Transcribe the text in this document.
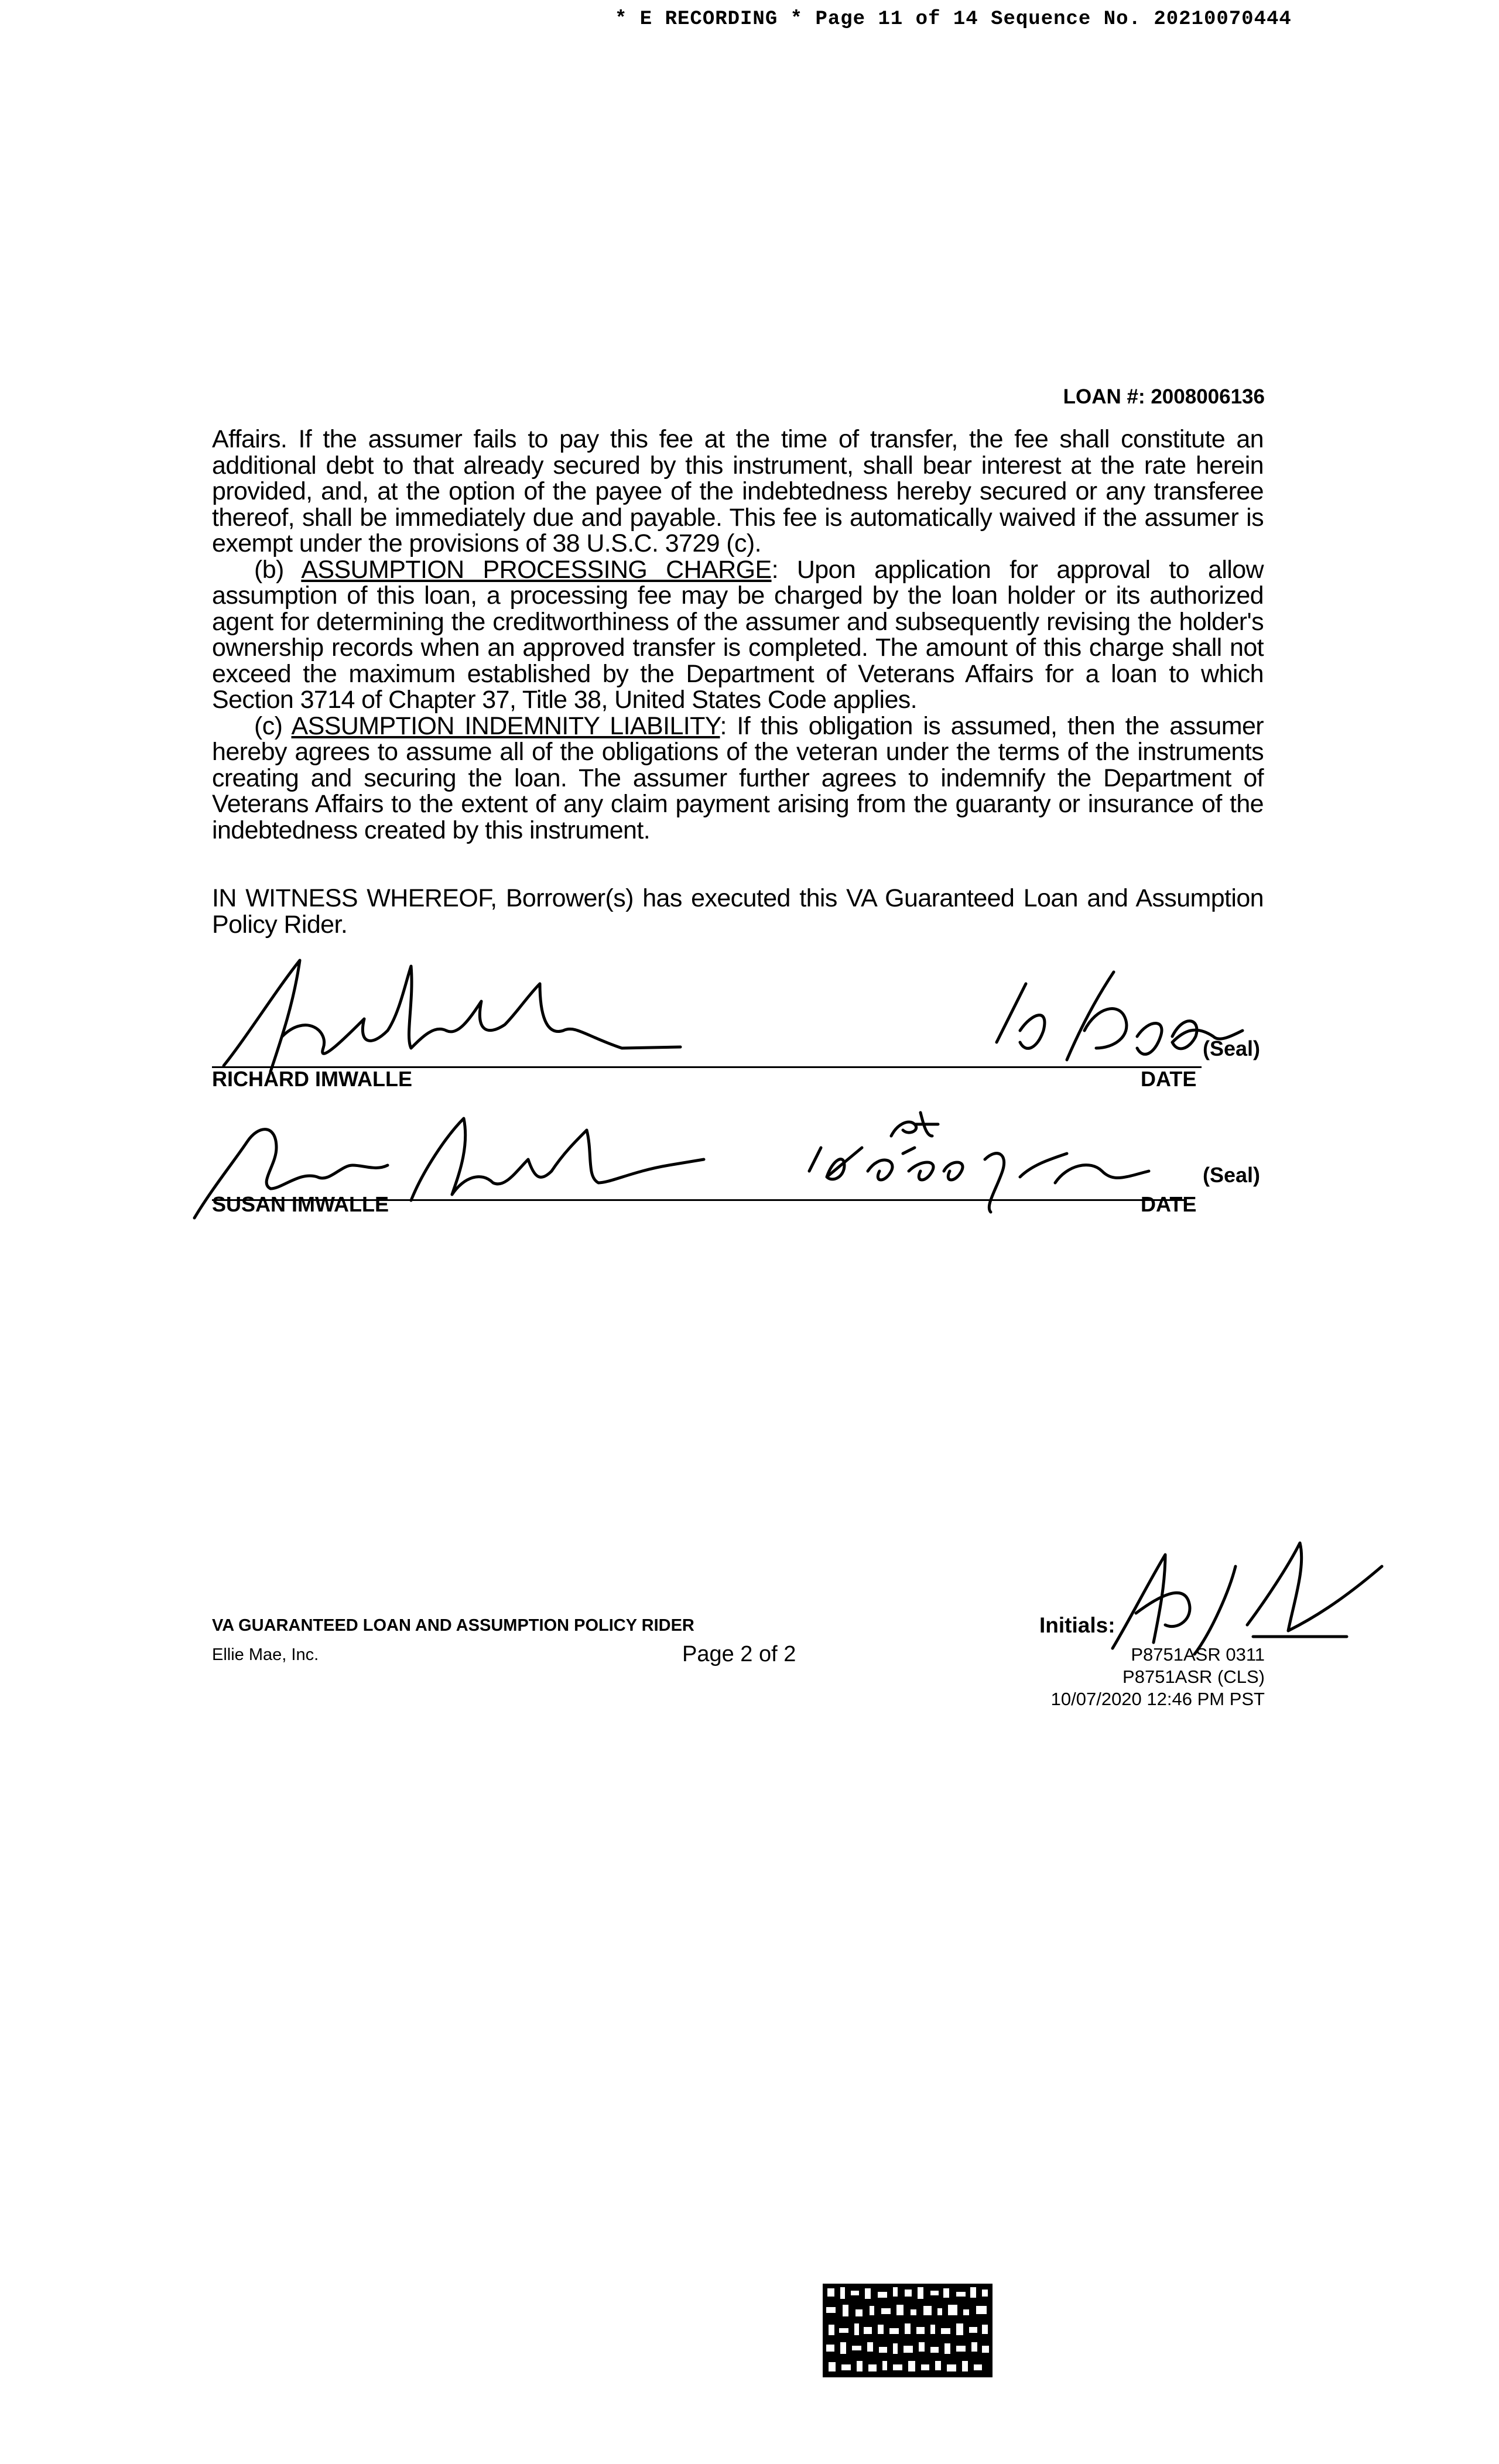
* E RECORDING * Page 11 of 14 Sequence No. 20210070444
LOAN #: 2008006136

Affairs. If the assumer fails to pay this fee at the time of transfer, the fee shall constitute an additional debt to that already secured by this instrument, shall bear interest at the rate herein provided, and, at the option of the payee of the indebtedness hereby secured or any transferee thereof, shall be immediately due and payable. This fee is automatically waived if the assumer is exempt under the provisions of 38 U.S.C. 3729 (c).

(b) ASSUMPTION PROCESSING CHARGE: Upon application for approval to allow assumption of this loan, a processing fee may be charged by the loan holder or its authorized agent for determining the creditworthiness of the assumer and subsequently revising the holder's ownership records when an approved transfer is completed. The amount of this charge shall not exceed the maximum established by the Department of Veterans Affairs for a loan to which Section 3714 of Chapter 37, Title 38, United States Code applies.

(c) ASSUMPTION INDEMNITY LIABILITY: If this obligation is assumed, then the assumer hereby agrees to assume all of the obligations of the veteran under the terms of the instruments creating and securing the loan. The assumer further agrees to indemnify the Department of Veterans Affairs to the extent of any claim payment arising from the guaranty or insurance of the indebtedness created by this instrument.

IN WITNESS WHEREOF, Borrower(s) has executed this VA Guaranteed Loan and Assumption Policy Rider.
(Seal)
RICHARD IMWALLE	DATE
(Seal)
SUSAN IMWALLE	DATE
VA GUARANTEED LOAN AND ASSUMPTION POLICY RIDER
Ellie Mae, Inc.	Page 2 of 2
Initials:
P8751ASR 0311
P8751ASR (CLS)
10/07/2020 12:46 PM PST
